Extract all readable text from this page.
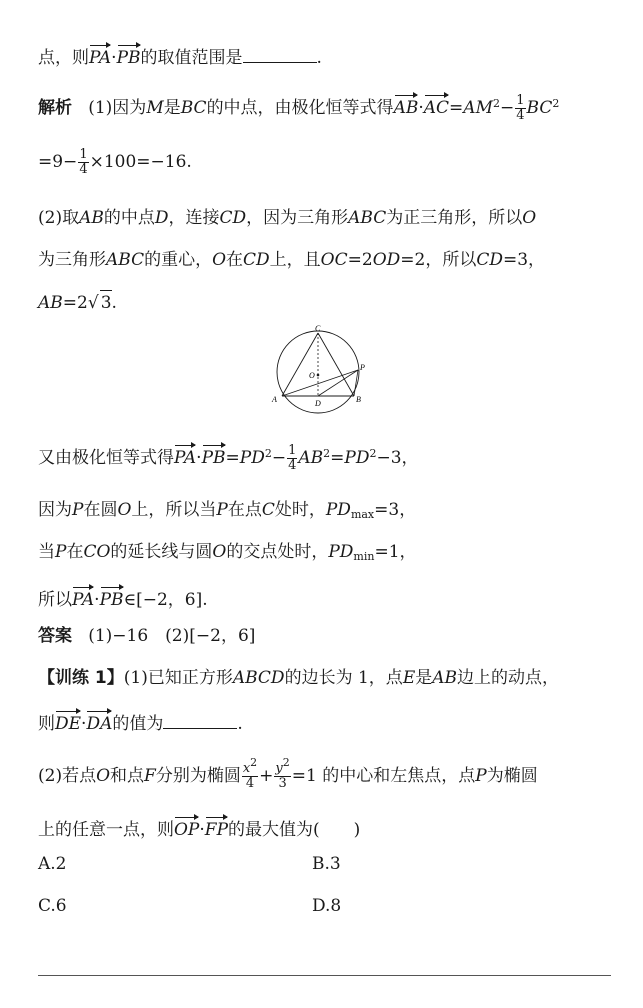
点，则PA·PB的取值范围是	.
解析 (1)因为M是BC的中点，由极化恒等式得$AB\cdot AC=AM^2- \frac{1}{4} BC^2$
$=9- \frac{1}{4} \times 100=-16$.
(2)取AB的中点D，连接CD，因为三角形ABC为正三角形，所以O
为三角形ABC的重心，O在CD上，且OC=2OD=2，所以CD=3，
AB=2√ 3.
C
O
P
A	D	B
又由极化恒等式得$PA\cdot PB=PD^2- \frac{1}{4} AB^2=PD^2-3$，
因为P在圆O上，所以当P在点C处时，$PD_{max}=3$，
当P在CO的延长线与圆O的交点处时，$PD_{min}=1$，
所以PA·PB∈[−2，6].
答案 (1)−16　(2)[−2，6]
【训练 1】(1)已知正方形ABCD的边长为 1，点E是AB边上的动点，
则DE·DA的值为	.
(2)若点O和点F分别为椭圆 $\frac{x^2}{4} + \frac{y^2}{3} =1$ 的中心和左焦点，点P为椭圆
上的任意一点，则OP·FP的最大值为(　　)
A.2	B.3
C.6	D.8
